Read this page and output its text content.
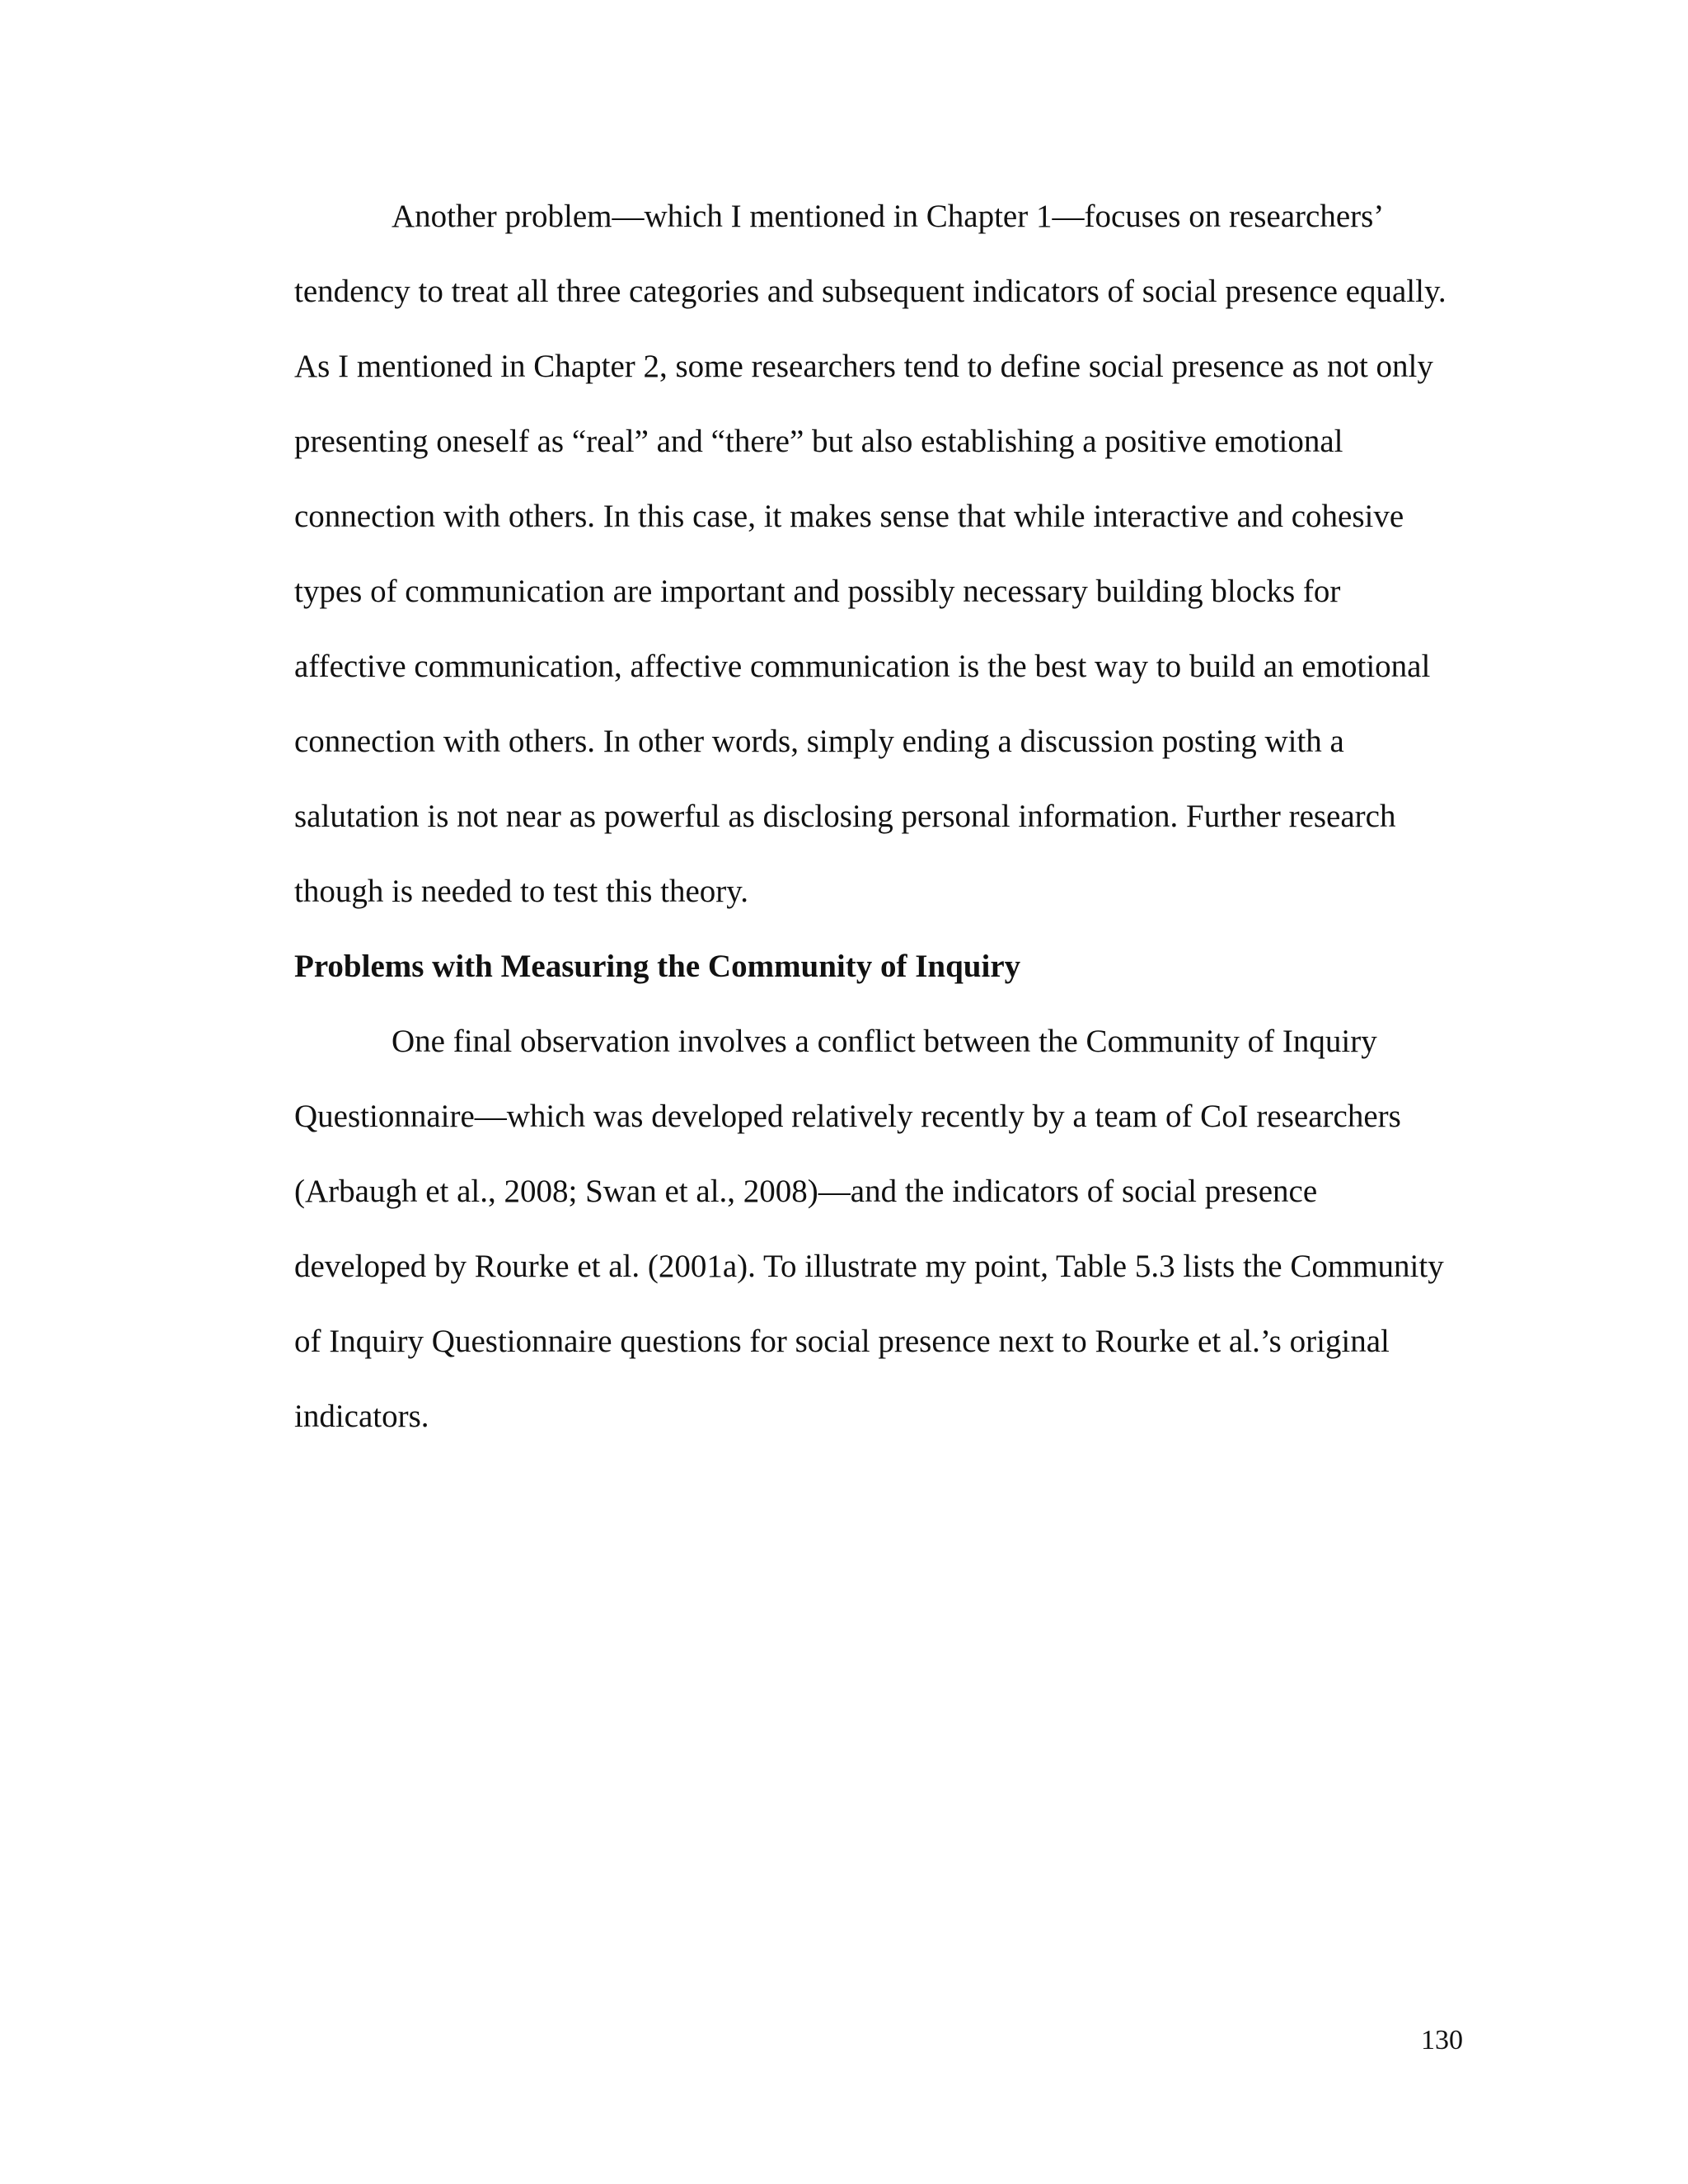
Another problem—which I mentioned in Chapter 1—focuses on researchers’
tendency to treat all three categories and subsequent indicators of social presence equally.
As I mentioned in Chapter 2, some researchers tend to define social presence as not only
presenting oneself as “real” and “there” but also establishing a positive emotional
connection with others. In this case, it makes sense that while interactive and cohesive
types of communication are important and possibly necessary building blocks for
affective communication, affective communication is the best way to build an emotional
connection with others. In other words, simply ending a discussion posting with a
salutation is not near as powerful as disclosing personal information. Further research
though is needed to test this theory.
Problems with Measuring the Community of Inquiry
One final observation involves a conflict between the Community of Inquiry
Questionnaire—which was developed relatively recently by a team of CoI researchers
(Arbaugh et al., 2008; Swan et al., 2008)—and the indicators of social presence
developed by Rourke et al. (2001a). To illustrate my point, Table 5.3 lists the Community
of Inquiry Questionnaire questions for social presence next to Rourke et al.’s original
indicators.
130
